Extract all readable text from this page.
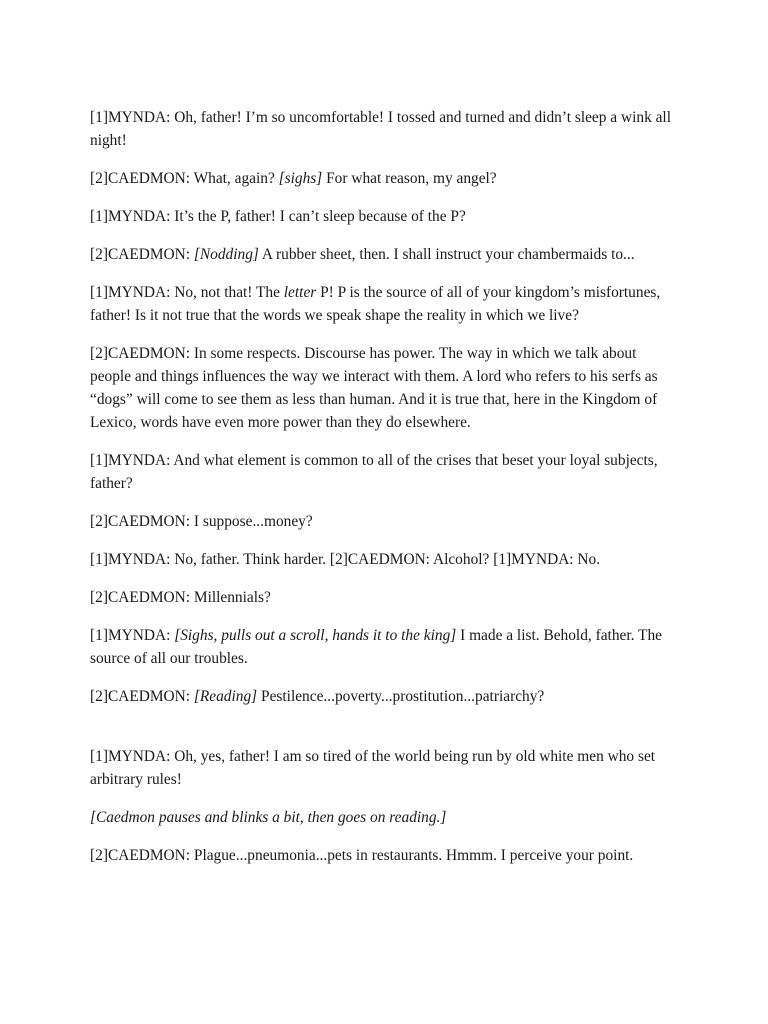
[1]MYNDA: Oh, father! I’m so uncomfortable! I tossed and turned and didn’t sleep a wink all night!

[2]CAEDMON: What, again? [sighs] For what reason, my angel?

[1]MYNDA: It’s the P, father! I can’t sleep because of the P?

[2]CAEDMON: [Nodding] A rubber sheet, then. I shall instruct your chambermaids to...

[1]MYNDA: No, not that! The letter P! P is the source of all of your kingdom’s misfortunes, father! Is it not true that the words we speak shape the reality in which we live?

[2]CAEDMON: In some respects. Discourse has power. The way in which we talk about people and things influences the way we interact with them. A lord who refers to his serfs as “dogs” will come to see them as less than human. And it is true that, here in the Kingdom of Lexico, words have even more power than they do elsewhere.

[1]MYNDA: And what element is common to all of the crises that beset your loyal subjects, father?

[2]CAEDMON: I suppose...money?

[1]MYNDA: No, father. Think harder. [2]CAEDMON: Alcohol? [1]MYNDA: No.

[2]CAEDMON: Millennials?

[1]MYNDA: [Sighs, pulls out a scroll, hands it to the king] I made a list. Behold, father. The source of all our troubles.

[2]CAEDMON: [Reading] Pestilence...poverty...prostitution...patriarchy?

[1]MYNDA: Oh, yes, father! I am so tired of the world being run by old white men who set arbitrary rules!

[Caedmon pauses and blinks a bit, then goes on reading.]

[2]CAEDMON: Plague...pneumonia...pets in restaurants. Hmmm. I perceive your point.
